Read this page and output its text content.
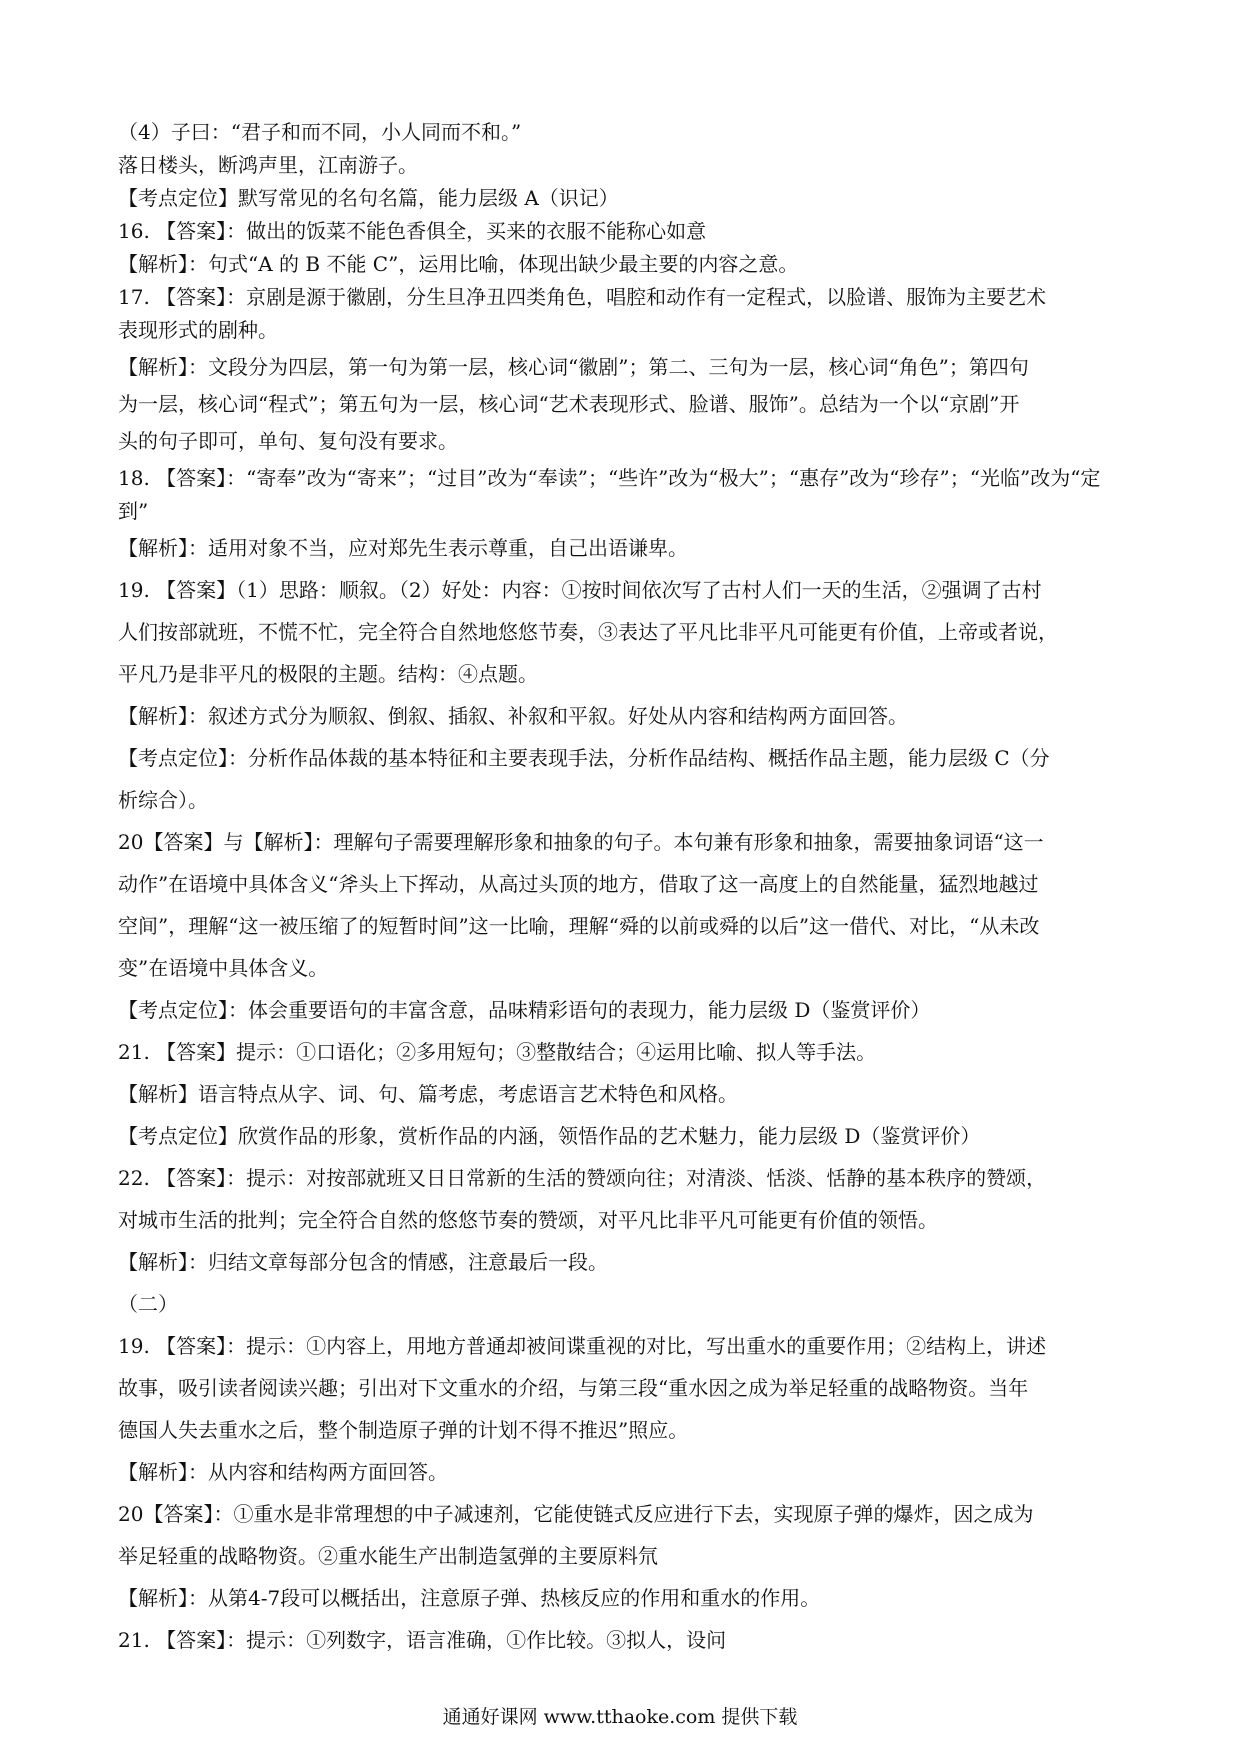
（4）子曰：“君子和而不同，小人同而不和。”
落日楼头，断鸿声里，江南游子。
【考点定位】默写常见的名句名篇，能力层级 A（识记）
16. 【答案】：做出的饭菜不能色香俱全，买来的衣服不能称心如意
【解析】：句式“A 的 B 不能 C”，运用比喻，体现出缺少最主要的内容之意。
17. 【答案】：京剧是源于徽剧，分生旦净丑四类角色，唱腔和动作有一定程式，以脸谱、服饰为主要艺术
表现形式的剧种。
【解析】：文段分为四层，第一句为第一层，核心词“徽剧”；第二、三句为一层，核心词“角色”；第四句
为一层，核心词“程式”；第五句为一层，核心词“艺术表现形式、脸谱、服饰”。总结为一个以“京剧”开
头的句子即可，单句、复句没有要求。
18. 【答案】：“寄奉”改为“寄来”；“过目”改为“奉读”；“些许”改为“极大”；“惠存”改为“珍存”；“光临”改为“定
到”
【解析】：适用对象不当，应对郑先生表示尊重，自己出语谦卑。
19. 【答案】（1）思路：顺叙。（2）好处：内容：①按时间依次写了古村人们一天的生活，②强调了古村
人们按部就班，不慌不忙，完全符合自然地悠悠节奏，③表达了平凡比非平凡可能更有价值，上帝或者说，
平凡乃是非平凡的极限的主题。结构：④点题。
【解析】：叙述方式分为顺叙、倒叙、插叙、补叙和平叙。好处从内容和结构两方面回答。
【考点定位】：分析作品体裁的基本特征和主要表现手法，分析作品结构、概括作品主题，能力层级 C（分
析综合）。
20【答案】与【解析】：理解句子需要理解形象和抽象的句子。本句兼有形象和抽象，需要抽象词语“这一
动作”在语境中具体含义“斧头上下挥动，从高过头顶的地方，借取了这一高度上的自然能量，猛烈地越过
空间”，理解“这一被压缩了的短暂时间”这一比喻，理解“舜的以前或舜的以后”这一借代、对比，“从未改
变”在语境中具体含义。
【考点定位】：体会重要语句的丰富含意，品味精彩语句的表现力，能力层级 D（鉴赏评价）
21. 【答案】提示：①口语化；②多用短句；③整散结合；④运用比喻、拟人等手法。
【解析】语言特点从字、词、句、篇考虑，考虑语言艺术特色和风格。
【考点定位】欣赏作品的形象，赏析作品的内涵，领悟作品的艺术魅力，能力层级 D（鉴赏评价）
22. 【答案】：提示：对按部就班又日日常新的生活的赞颂向往；对清淡、恬淡、恬静的基本秩序的赞颂，
对城市生活的批判；完全符合自然的悠悠节奏的赞颂，对平凡比非平凡可能更有价值的领悟。
【解析】：归结文章每部分包含的情感，注意最后一段。
（二）
19. 【答案】：提示：①内容上，用地方普通却被间谍重视的对比，写出重水的重要作用；②结构上，讲述
故事，吸引读者阅读兴趣；引出对下文重水的介绍，与第三段“重水因之成为举足轻重的战略物资。当年
德国人失去重水之后，整个制造原子弹的计划不得不推迟”照应。
【解析】：从内容和结构两方面回答。
20【答案】：①重水是非常理想的中子减速剂，它能使链式反应进行下去，实现原子弹的爆炸，因之成为
举足轻重的战略物资。②重水能生产出制造氢弹的主要原料氘
【解析】：从第4-7段可以概括出，注意原子弹、热核反应的作用和重水的作用。
21. 【答案】：提示：①列数字，语言准确，①作比较。③拟人，设问
通通好课网 www.tthaoke.com 提供下载
